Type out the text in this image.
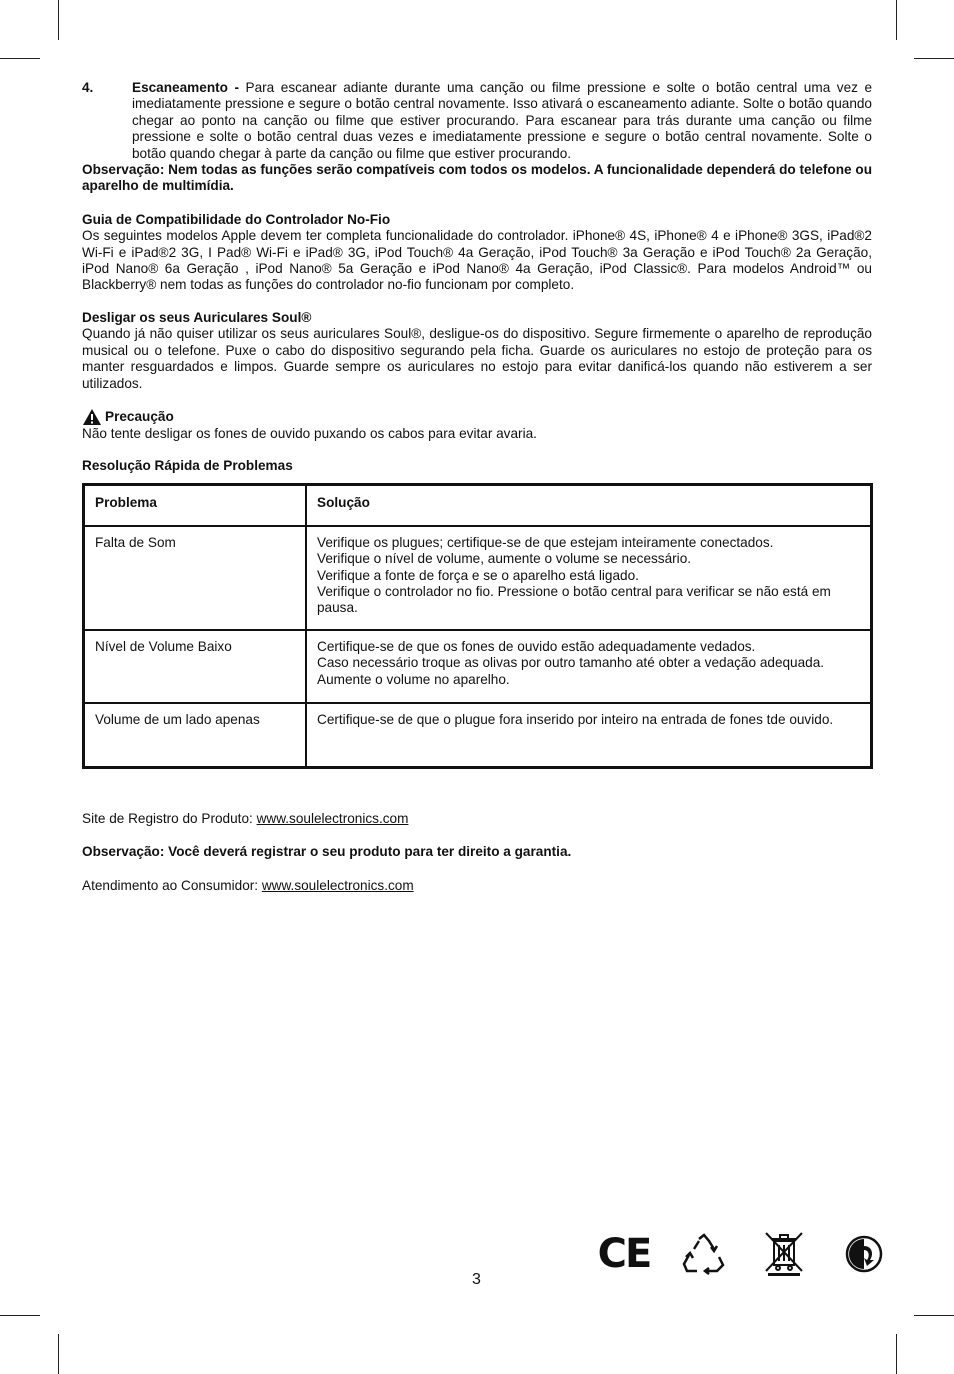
4.	Escaneamento - Para escanear adiante durante uma canção ou filme pressione e solte o botão central uma vez e imediatamente pressione e segure o botão central novamente. Isso ativará o escaneamento adiante. Solte o botão quando chegar ao ponto na canção ou filme que estiver procurando. Para escanear para trás durante uma canção ou filme pressione e solte o botão central duas vezes e imediatamente pressione e segure o botão central novamente. Solte o botão quando chegar à parte da canção ou filme que estiver procurando.
Observação: Nem todas as funções serão compatíveis com todos os modelos. A funcionalidade dependerá do telefone ou aparelho de multimídia.
Guia de Compatibilidade do Controlador No-Fio
Os seguintes modelos Apple devem ter completa funcionalidade do controlador. iPhone® 4S, iPhone® 4 e iPhone® 3GS, iPad®2 Wi-Fi e iPad®2 3G, I Pad® Wi-Fi e iPad® 3G, iPod Touch® 4a Geração, iPod Touch® 3a Geração e iPod Touch® 2a Geração, iPod Nano® 6a Geração , iPod Nano® 5a Geração e iPod Nano® 4a Geração, iPod Classic®. Para modelos Android™ ou Blackberry® nem todas as funções do controlador no-fio funcionam por completo.
Desligar os seus Auriculares Soul®
Quando já não quiser utilizar os seus auriculares Soul®, desligue-os do dispositivo. Segure firmemente o aparelho de reprodução musical ou o telefone. Puxe o cabo do dispositivo segurando pela ficha. Guarde os auriculares no estojo de proteção para os manter resguardados e limpos. Guarde sempre os auriculares no estojo para evitar danificá-los quando não estiverem a ser utilizados.
Precaução
Não tente desligar os fones de ouvido puxando os cabos para evitar avaria.
Resolução Rápida de Problemas
Problema	Solução
Falta de Som	Verifique os plugues; certifique-se de que estejam inteiramente conectados.
Verifique o nível de volume, aumente o volume se necessário.
Verifique a fonte de força e se o aparelho está ligado.
Verifique o controlador no fio. Pressione o botão central para verificar se não está em pausa.

Nível de Volume Baixo	Certifique-se de que os fones de ouvido estão adequadamente vedados.
Caso necessário troque as olivas por outro tamanho até obter a vedação adequada.
Aumente o volume no aparelho.

Volume de um lado apenas	Certifique-se de que o plugue fora inserido por inteiro na entrada de fones tde ouvido.

Site de Registro do Produto: www.soulelectronics.com

Observação: Você deverá registrar o seu produto para ter direito a garantia.

Atendimento ao Consumidor: www.soulelectronics.com

CE
3
